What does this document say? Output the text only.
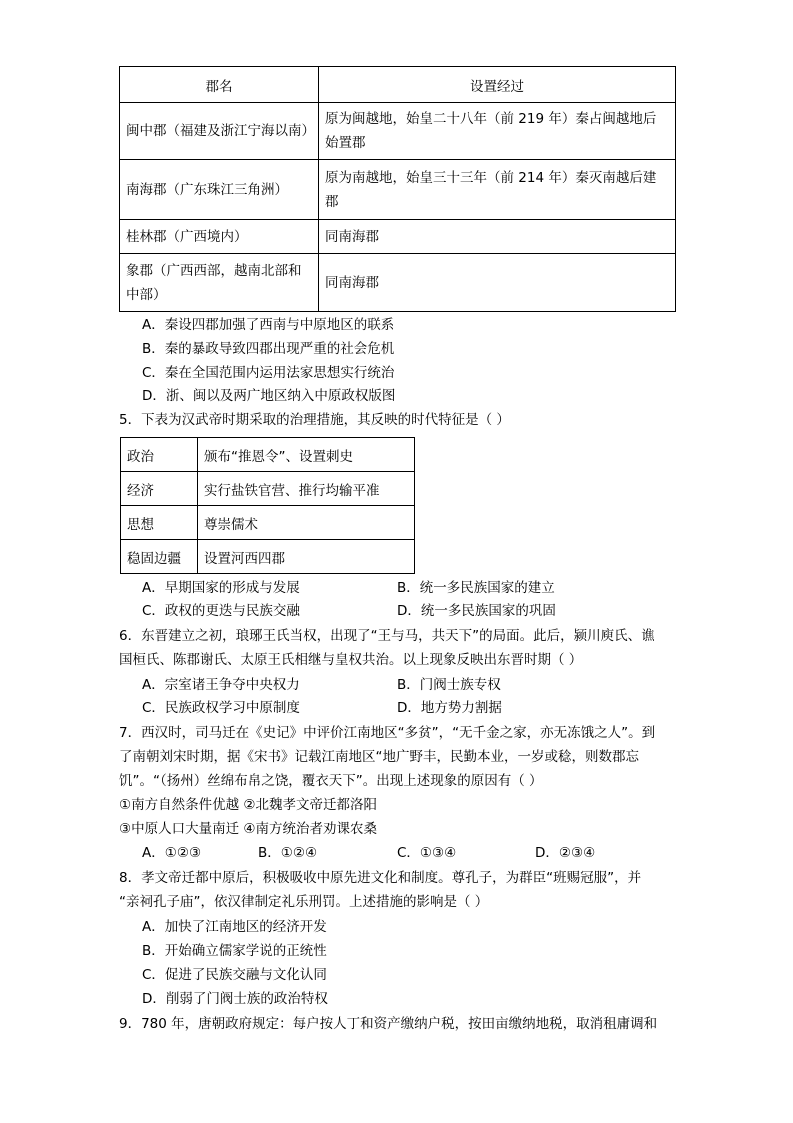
郡名	设置经过
闽中郡（福建及浙江宁海以南）	原为闽越地，始皇二十八年（前 219 年）秦占闽越地后始置郡
南海郡（广东珠江三角洲）	原为南越地，始皇三十三年（前 214 年）秦灭南越后建郡
桂林郡（广西境内）	同南海郡
象郡（广西西部，越南北部和中部）	同南海郡
A．秦设四郡加强了西南与中原地区的联系
B．秦的暴政导致四郡出现严重的社会危机
C．秦在全国范围内运用法家思想实行统治
D．浙、闽以及两广地区纳入中原政权版图
5．下表为汉武帝时期采取的治理措施，其反映的时代特征是（ ）
政治	颁布“推恩令”、设置刺史
经济	实行盐铁官营、推行均输平准
思想	尊崇儒术
稳固边疆	设置河西四郡
A．早期国家的形成与发展	B．统一多民族国家的建立
C．政权的更迭与民族交融	D．统一多民族国家的巩固
6．东晋建立之初，琅琊王氏当权，出现了“王与马，共天下”的局面。此后，颍川庾氏、谯
国桓氏、陈郡谢氏、太原王氏相继与皇权共治。以上现象反映出东晋时期（ ）
A．宗室诸王争夺中央权力	B．门阀士族专权
C．民族政权学习中原制度	D．地方势力割据
7．西汉时，司马迁在《史记》中评价江南地区“多贫”，“无千金之家，亦无冻饿之人”。到
了南朝刘宋时期，据《宋书》记载江南地区“地广野丰，民勤本业，一岁或稔，则数郡忘
饥”。“（扬州）丝绵布帛之饶，覆衣天下”。出现上述现象的原因有（ ）
①南方自然条件优越 ②北魏孝文帝迁都洛阳
③中原人口大量南迁 ④南方统治者劝课农桑
A．①②③	B．①②④	C．①③④	D．②③④
8．孝文帝迁都中原后，积极吸收中原先进文化和制度。尊孔子，为群臣“班赐冠服”，并
“亲祠孔子庙”，依汉律制定礼乐刑罚。上述措施的影响是（ ）
A．加快了江南地区的经济开发
B．开始确立儒家学说的正统性
C．促进了民族交融与文化认同
D．削弱了门阀士族的政治特权
9．780 年，唐朝政府规定：每户按人丁和资产缴纳户税，按田亩缴纳地税，取消租庸调和
